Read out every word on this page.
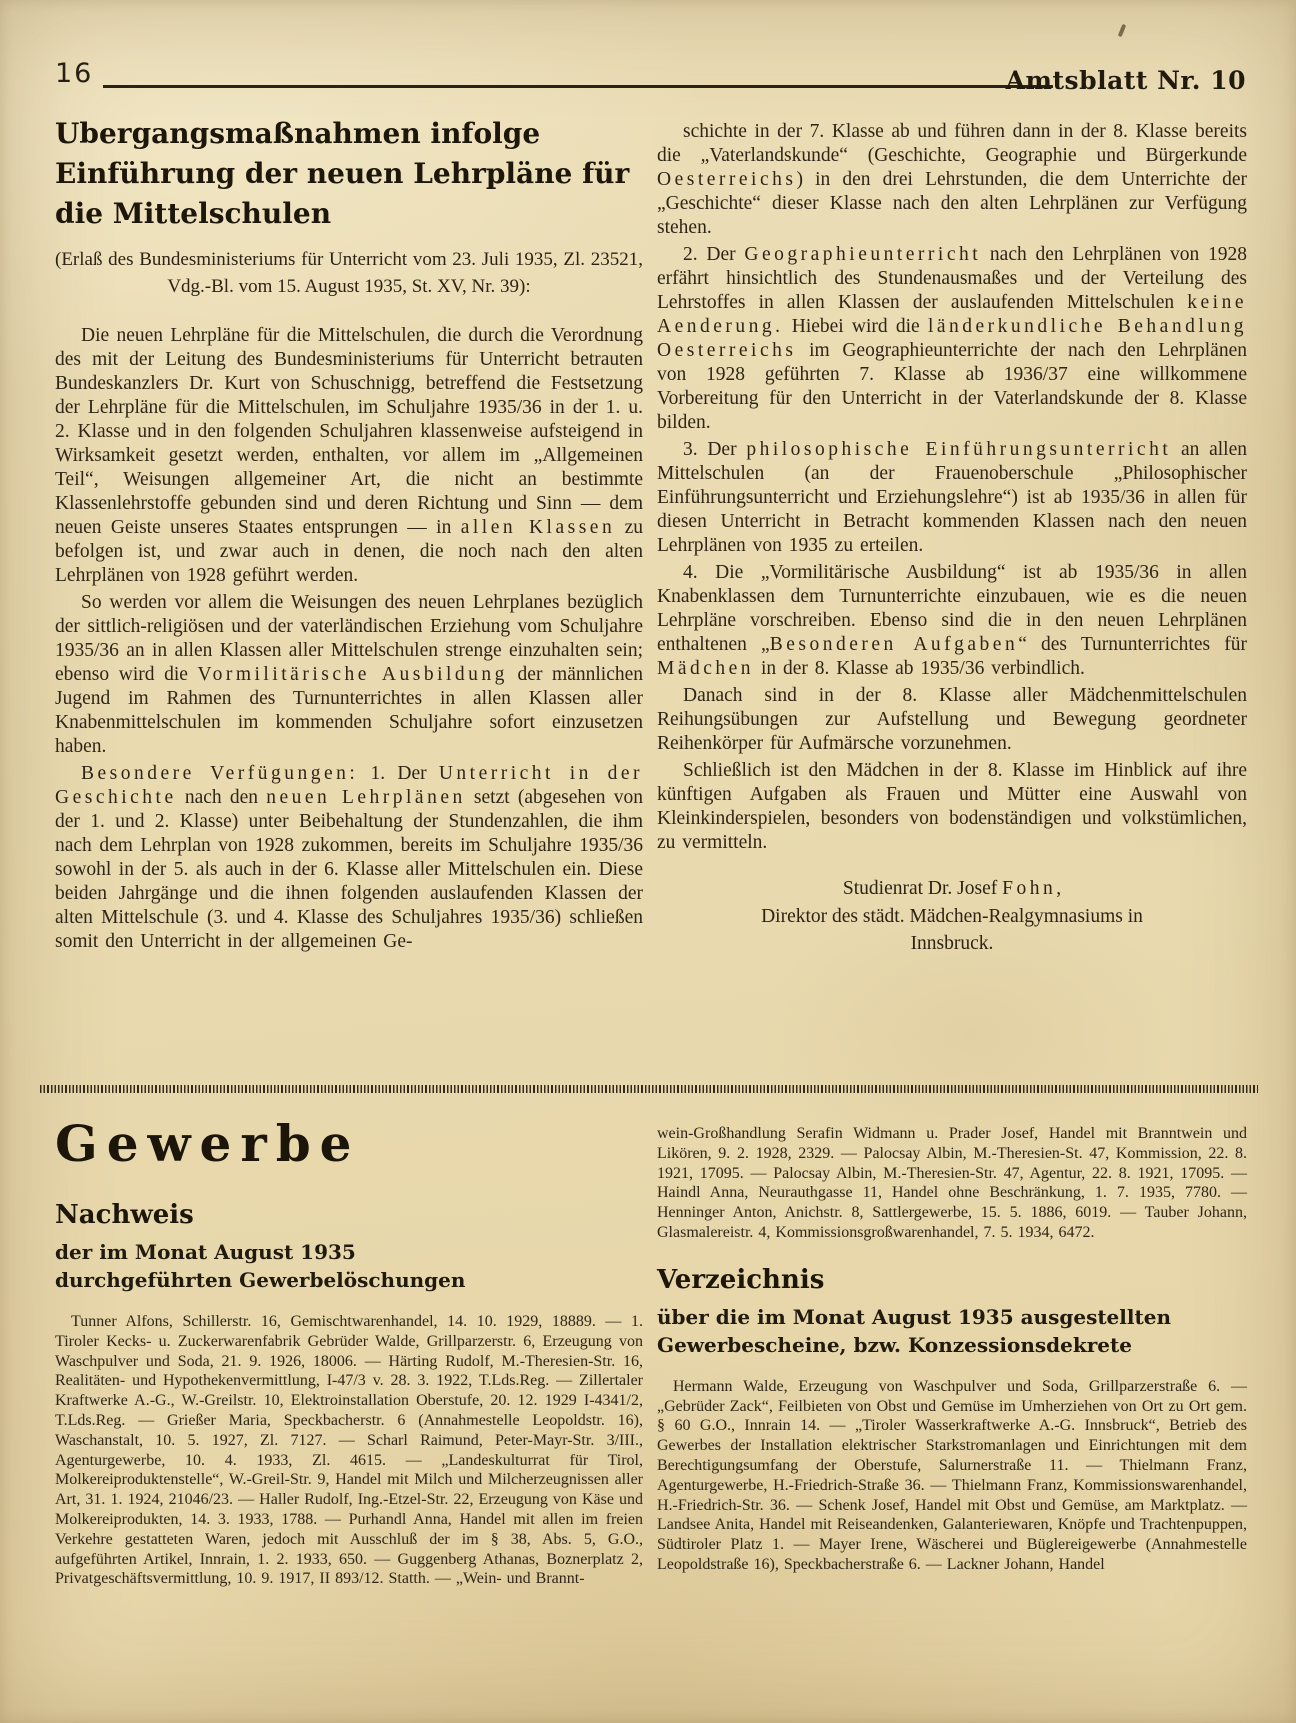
16	Amtsblatt Nr. 10
Ubergangsmaßnahmen infolge Einführung der neuen Lehrpläne für die Mittelschulen

(Erlaß des Bundesministeriums für Unterricht vom 23. Juli 1935, Zl. 23521, Vdg.-Bl. vom 15. August 1935, St. XV, Nr. 39):

Die neuen Lehrpläne für die Mittelschulen, die durch die Verordnung des mit der Leitung des Bundesministeriums für Unterricht betrauten Bundeskanzlers Dr. Kurt von Schuschnigg, betreffend die Festsetzung der Lehrpläne für die Mittelschulen, im Schuljahre 1935/36 in der 1. u. 2. Klasse und in den folgenden Schuljahren klassenweise aufsteigend in Wirksamkeit gesetzt werden, enthalten, vor allem im „Allgemeinen Teil“, Weisungen allgemeiner Art, die nicht an bestimmte Klassenlehrstoffe gebunden sind und deren Richtung und Sinn — dem neuen Geiste unseres Staates entsprungen — in allen Klassen zu befolgen ist, und zwar auch in denen, die noch nach den alten Lehrplänen von 1928 geführt werden.

So werden vor allem die Weisungen des neuen Lehrplanes bezüglich der sittlich-religiösen und der vaterländischen Erziehung vom Schuljahre 1935/36 an in allen Klassen aller Mittelschulen strenge einzuhalten sein; ebenso wird die Vormilitärische Ausbildung der männlichen Jugend im Rahmen des Turnunterrichtes in allen Klassen aller Knabenmittelschulen im kommenden Schuljahre sofort einzusetzen haben.

Besondere Verfügungen: 1. Der Unterricht in der Geschichte nach den neuen Lehrplänen setzt (abgesehen von der 1. und 2. Klasse) unter Beibehaltung der Stundenzahlen, die ihm nach dem Lehrplan von 1928 zukommen, bereits im Schuljahre 1935/36 sowohl in der 5. als auch in der 6. Klasse aller Mittelschulen ein. Diese beiden Jahrgänge und die ihnen folgenden auslaufenden Klassen der alten Mittelschule (3. und 4. Klasse des Schuljahres 1935/36) schließen somit den Unterricht in der allgemeinen Ge-

schichte in der 7. Klasse ab und führen dann in der 8. Klasse bereits die „Vaterlandskunde“ (Geschichte, Geographie und Bürgerkunde Oesterreichs) in den drei Lehrstunden, die dem Unterrichte der „Geschichte“ dieser Klasse nach den alten Lehrplänen zur Verfügung stehen.

2. Der Geographieunterricht nach den Lehrplänen von 1928 erfährt hinsichtlich des Stundenausmaßes und der Verteilung des Lehrstoffes in allen Klassen der auslaufenden Mittelschulen keine Aenderung. Hiebei wird die länderkundliche Behandlung Oesterreichs im Geographieunterrichte der nach den Lehrplänen von 1928 geführten 7. Klasse ab 1936/37 eine willkommene Vorbereitung für den Unterricht in der Vaterlandskunde der 8. Klasse bilden.

3. Der philosophische Einführungsunterricht an allen Mittelschulen (an der Frauenoberschule „Philosophischer Einführungsunterricht und Erziehungslehre“) ist ab 1935/36 in allen für diesen Unterricht in Betracht kommenden Klassen nach den neuen Lehrplänen von 1935 zu erteilen.

4. Die „Vormilitärische Ausbildung“ ist ab 1935/36 in allen Knabenklassen dem Turnunterrichte einzubauen, wie es die neuen Lehrpläne vorschreiben. Ebenso sind die in den neuen Lehrplänen enthaltenen „Besonderen Aufgaben“ des Turnunterrichtes für Mädchen in der 8. Klasse ab 1935/36 verbindlich.

Danach sind in der 8. Klasse aller Mädchenmittelschulen Reihungsübungen zur Aufstellung und Bewegung geordneter Reihenkörper für Aufmärsche vorzunehmen.

Schließlich ist den Mädchen in der 8. Klasse im Hinblick auf ihre künftigen Aufgaben als Frauen und Mütter eine Auswahl von Kleinkinderspielen, besonders von bodenständigen und volkstümlichen, zu vermitteln.

Studienrat Dr. Josef Fohn,
Direktor des städt. Mädchen-Realgymnasiums in
Innsbruck.
Gewerbe
Nachweis

der im Monat August 1935 durchgeführten Gewerbelöschungen

Tunner Alfons, Schillerstr. 16, Gemischtwarenhandel, 14. 10. 1929, 18889. — 1. Tiroler Kecks- u. Zuckerwarenfabrik Gebrüder Walde, Grillparzerstr. 6, Erzeugung von Waschpulver und Soda, 21. 9. 1926, 18006. — Härting Rudolf, M.-Theresien-Str. 16, Realitäten- und Hypothekenvermittlung, I-47/3 v. 28. 3. 1922, T.Lds.Reg. — Zillertaler Kraftwerke A.-G., W.-Greilstr. 10, Elektroinstallation Oberstufe, 20. 12. 1929 I-4341/2, T.Lds.Reg. — Grießer Maria, Speckbacherstr. 6 (Annahmestelle Leopoldstr. 16), Waschanstalt, 10. 5. 1927, Zl. 7127. — Scharl Raimund, Peter-Mayr-Str. 3/III., Agenturgewerbe, 10. 4. 1933, Zl. 4615. — „Landeskulturrat für Tirol, Molkereiproduktenstelle“, W.-Greil-Str. 9, Handel mit Milch und Milcherzeugnissen aller Art, 31. 1. 1924, 21046/23. — Haller Rudolf, Ing.-Etzel-Str. 22, Erzeugung von Käse und Molkereiprodukten, 14. 3. 1933, 1788. — Purhandl Anna, Handel mit allen im freien Verkehre gestatteten Waren, jedoch mit Ausschluß der im § 38, Abs. 5, G.O., aufgeführten Artikel, Innrain, 1. 2. 1933, 650. — Guggenberg Athanas, Boznerplatz 2, Privatgeschäftsvermittlung, 10. 9. 1917, II 893/12. Statth. — „Wein- und Brannt-

wein-Großhandlung Serafin Widmann u. Prader Josef, Handel mit Branntwein und Likören, 9. 2. 1928, 2329. — Palocsay Albin, M.-Theresien-St. 47, Kommission, 22. 8. 1921, 17095. — Palocsay Albin, M.-Theresien-Str. 47, Agentur, 22. 8. 1921, 17095. — Haindl Anna, Neurauthgasse 11, Handel ohne Beschränkung, 1. 7. 1935, 7780. — Henninger Anton, Anichstr. 8, Sattlergewerbe, 15. 5. 1886, 6019. — Tauber Johann, Glasmalereistr. 4, Kommissionsgroßwarenhandel, 7. 5. 1934, 6472.

Verzeichnis

über die im Monat August 1935 ausgestellten Gewerbescheine, bzw. Konzessionsdekrete

Hermann Walde, Erzeugung von Waschpulver und Soda, Grillparzerstraße 6. — „Gebrüder Zack“, Feilbieten von Obst und Gemüse im Umherziehen von Ort zu Ort gem. § 60 G.O., Innrain 14. — „Tiroler Wasserkraftwerke A.-G. Innsbruck“, Betrieb des Gewerbes der Installation elektrischer Starkstromanlagen und Einrichtungen mit dem Berechtigungsumfang der Oberstufe, Salurnerstraße 11. — Thielmann Franz, Agenturgewerbe, H.-Friedrich-Straße 36. — Thielmann Franz, Kommissionswarenhandel, H.-Friedrich-Str. 36. — Schenk Josef, Handel mit Obst und Gemüse, am Marktplatz. — Landsee Anita, Handel mit Reiseandenken, Galanteriewaren, Knöpfe und Trachtenpuppen, Südtiroler Platz 1. — Mayer Irene, Wäscherei und Büglereigewerbe (Annahmestelle Leopoldstraße 16), Speckbacherstraße 6. — Lackner Johann, Handel
